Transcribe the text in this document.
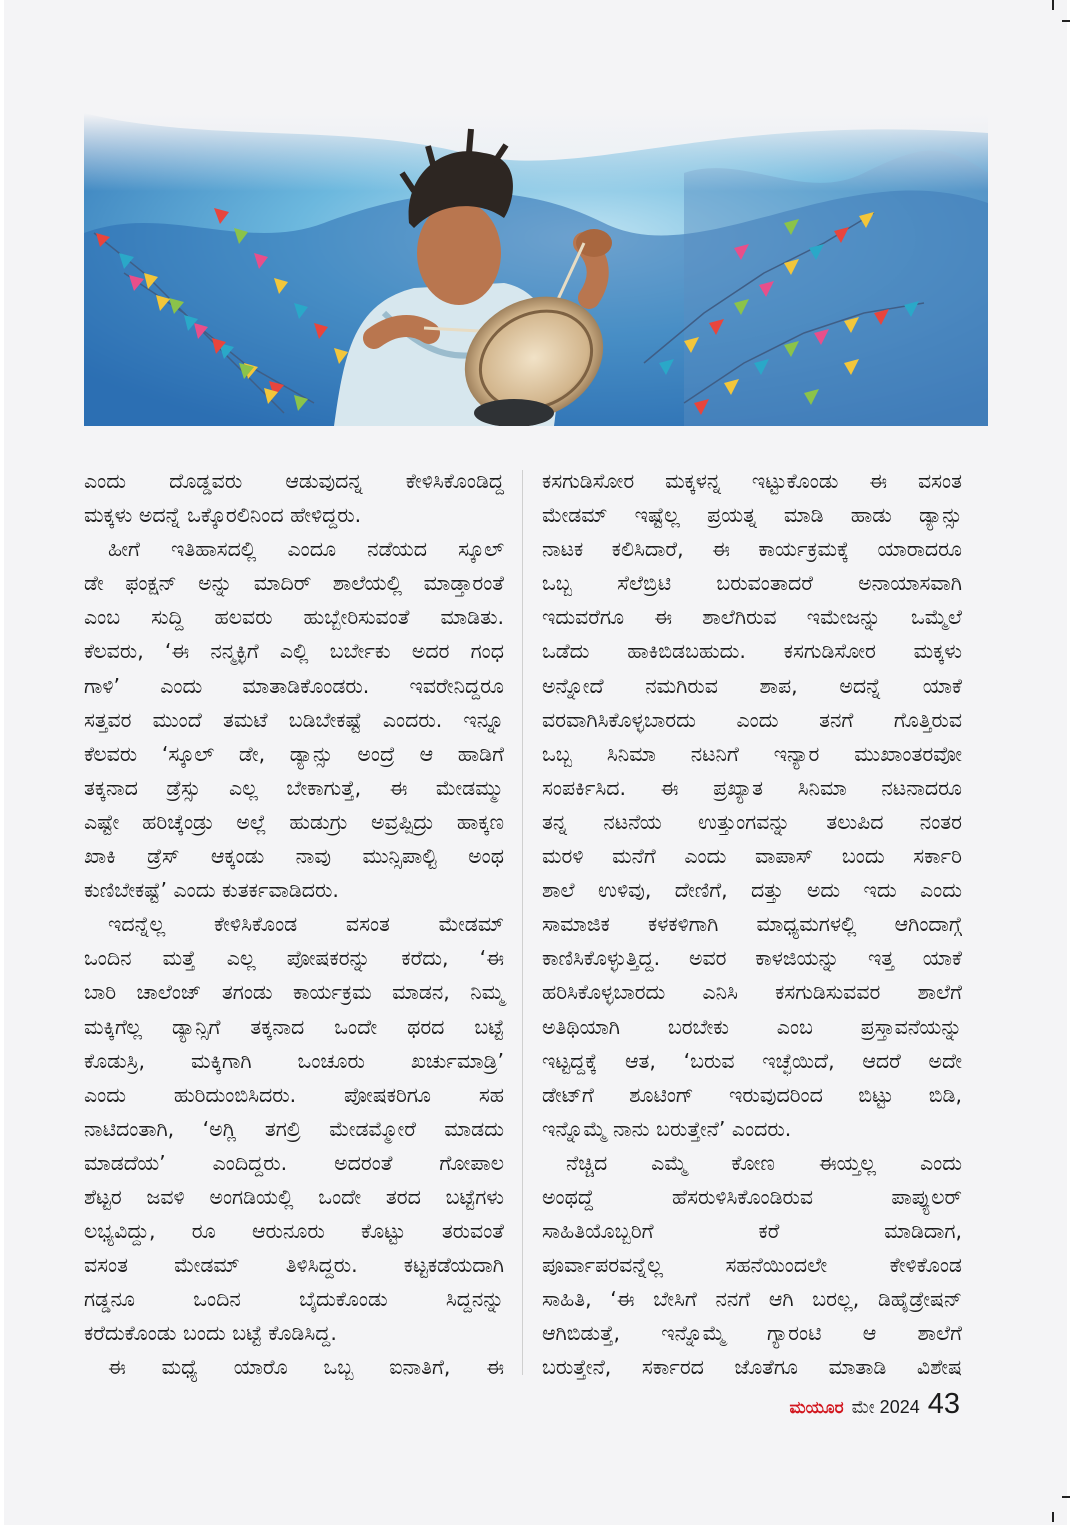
ಎಂದು ದೊಡ್ಡವರು ಆಡುವುದನ್ನ ಕೇಳಿಸಿಕೊಂಡಿದ್ದ

ಮಕ್ಕಳು ಅದನ್ನೆ ಒಕ್ಕೊರಲಿನಿಂದ ಹೇಳಿದ್ದರು.

ಹೀಗೆ ಇತಿಹಾಸದಲ್ಲಿ ಎಂದೂ ನಡೆಯದ ಸ್ಕೂಲ್

ಡೇ ಫಂಕ್ಷನ್ ಅನ್ನು ಮಾದಿರ್ ಶಾಲೆಯಲ್ಲಿ ಮಾಡ್ತಾರಂತೆ

ಎಂಬ ಸುದ್ದಿ ಹಲವರು ಹುಬ್ಬೇರಿಸುವಂತೆ ಮಾಡಿತು.

ಕೆಲವರು, ‘ಈ ನನ್ಮಕ್ಳಿಗೆ ಎಲ್ಲಿ ಬರ್ಬೇಕು ಅದರ ಗಂಧ

ಗಾಳಿ’ ಎಂದು ಮಾತಾಡಿಕೊಂಡರು. ಇವರೇನಿದ್ದರೂ

ಸತ್ತವರ ಮುಂದೆ ತಮಟೆ ಬಡಿಬೇಕಷ್ಟೆ ಎಂದರು. ಇನ್ನೂ

ಕೆಲವರು ‘ಸ್ಕೂಲ್ ಡೇ, ಡ್ಯಾನ್ಸು ಅಂದ್ರೆ ಆ ಹಾಡಿಗೆ

ತಕ್ಕನಾದ ಡ್ರೆಸ್ಸು ಎಲ್ಲ ಬೇಕಾಗುತ್ತೆ, ಈ ಮೇಡಮ್ಮು

ಎಷ್ಟೇ ಹರಿಚ್ಕೆಂಡ್ರು ಅಲ್ಲೆ ಹುಡುಗ್ರು ಅವ್ರಪ್ಪಿದ್ರು ಹಾಕ್ಕಣ

ಖಾಕಿ ಡ್ರೆಸ್ ಆಕ್ಕಂಡು ನಾವು ಮುನ್ಸಿಪಾಲ್ಟಿ ಅಂಥ

ಕುಣಿಬೇಕಷ್ಟೆ’ ಎಂದು ಕುತರ್ಕವಾಡಿದರು.

ಇದನ್ನೆಲ್ಲ ಕೇಳಿಸಿಕೊಂಡ ವಸಂತ ಮೇಡಮ್

ಒಂದಿನ ಮತ್ತೆ ಎಲ್ಲ ಪೋಷಕರನ್ನು ಕರೆದು, ‘ಈ

ಬಾರಿ ಚಾಲೆಂಜ್ ತಗಂಡು ಕಾರ್ಯಕ್ರಮ ಮಾಡನ, ನಿಮ್ಮ

ಮಕ್ಕಿಗೆಲ್ಲ ಡ್ಯಾನ್ಸಿಗೆ ತಕ್ಕನಾದ ಒಂದೇ ಥರದ ಬಟ್ಟೆ

ಕೊಡುಸ್ರಿ, ಮಕ್ಕಿಗಾಗಿ ಒಂಚೂರು ಖರ್ಚುಮಾಡ್ರಿ’

ಎಂದು ಹುರಿದುಂಬಿಸಿದರು. ಪೋಷಕರಿಗೂ ಸಹ

ನಾಟಿದಂತಾಗಿ, ‘ಅಗ್ಲಿ ತಗಲ್ರಿ ಮೇಡಮ್ಮೋರೆ ಮಾಡದು

ಮಾಡದೆಯ’ ಎಂದಿದ್ದರು. ಅದರಂತೆ ಗೋಪಾಲ

ಶೆಟ್ಟರ ಜವಳಿ ಅಂಗಡಿಯಲ್ಲಿ ಒಂದೇ ತರದ ಬಟ್ಟೆಗಳು

ಲಭ್ಯವಿದ್ದು, ರೂ ಆರುನೂರು ಕೊಟ್ಟು ತರುವಂತೆ

ವಸಂತ ಮೇಡಮ್ ತಿಳಿಸಿದ್ದರು. ಕಟ್ಟಕಡೆಯದಾಗಿ

ಗಡ್ಡನೂ ಒಂದಿನ ಬೈದುಕೊಂಡು ಸಿದ್ದನನ್ನು

ಕರೆದುಕೊಂಡು ಬಂದು ಬಟ್ಟೆ ಕೊಡಿಸಿದ್ದ.

ಈ ಮಧ್ಯೆ ಯಾರೊ ಒಬ್ಬ ಐನಾತಿಗೆ, ಈ

ಕಸಗುಡಿಸೋರ ಮಕ್ಕಳನ್ನ ಇಟ್ಟುಕೊಂಡು ಈ ವಸಂತ

ಮೇಡಮ್ ಇಷ್ಟೆಲ್ಲ ಪ್ರಯತ್ನ ಮಾಡಿ ಹಾಡು ಡ್ಯಾನ್ಸು

ನಾಟಕ ಕಲಿಸಿದಾರೆ, ಈ ಕಾರ್ಯಕ್ರಮಕ್ಕೆ ಯಾರಾದರೂ

ಒಬ್ಬ ಸೆಲೆಬ್ರಿಟಿ ಬರುವಂತಾದರೆ ಅನಾಯಾಸವಾಗಿ

ಇದುವರೆಗೂ ಈ ಶಾಲೆಗಿರುವ ಇಮೇಜನ್ನು ಒಮ್ಮೆಲೆ

ಒಡೆದು ಹಾಕಿಬಿಡಬಹುದು. ಕಸಗುಡಿಸೋರ ಮಕ್ಕಳು

ಅನ್ನೋದೆ ನಮಗಿರುವ ಶಾಪ, ಅದನ್ನೆ ಯಾಕೆ

ವರವಾಗಿಸಿಕೊಳ್ಳಬಾರದು ಎಂದು ತನಗೆ ಗೊತ್ತಿರುವ

ಒಬ್ಬ ಸಿನಿಮಾ ನಟನಿಗೆ ಇನ್ಯಾರ ಮುಖಾಂತರವೋ

ಸಂಪರ್ಕಿಸಿದ. ಈ ಪ್ರಖ್ಯಾತ ಸಿನಿಮಾ ನಟನಾದರೂ

ತನ್ನ ನಟನೆಯ ಉತ್ತುಂಗವನ್ನು ತಲುಪಿದ ನಂತರ

ಮರಳಿ ಮನೆಗೆ ಎಂದು ವಾಪಾಸ್ ಬಂದು ಸರ್ಕಾರಿ

ಶಾಲೆ ಉಳಿವು, ದೇಣಿಗೆ, ದತ್ತು ಅದು ಇದು ಎಂದು

ಸಾಮಾಜಿಕ ಕಳಕಳಿಗಾಗಿ ಮಾಧ್ಯಮಗಳಲ್ಲಿ ಆಗಿಂದಾಗ್ಗೆ

ಕಾಣಿಸಿಕೊಳ್ಳುತ್ತಿದ್ದ. ಅವರ ಕಾಳಜಿಯನ್ನು ಇತ್ತ ಯಾಕೆ

ಹರಿಸಿಕೊಳ್ಳಬಾರದು ಎನಿಸಿ ಕಸಗುಡಿಸುವವರ ಶಾಲೆಗೆ

ಅತಿಥಿಯಾಗಿ ಬರಬೇಕು ಎಂಬ ಪ್ರಸ್ತಾವನೆಯನ್ನು

ಇಟ್ಟದ್ದಕ್ಕೆ ಆತ, ‘ಬರುವ ಇಚ್ಛೆಯಿದೆ, ಆದರೆ ಅದೇ

ಡೇಟ್‌ಗೆ ಶೂಟಿಂಗ್ ಇರುವುದರಿಂದ ಬಿಟ್ಟು ಬಿಡಿ,

ಇನ್ನೊಮ್ಮೆ ನಾನು ಬರುತ್ತೇನೆ’ ಎಂದರು.

ನೆಚ್ಚಿದ ಎಮ್ಮೆ ಕೋಣ ಈಯ್ತಲ್ಲ ಎಂದು

ಅಂಥದ್ದೆ ಹೆಸರುಳಿಸಿಕೊಂಡಿರುವ ಪಾಪ್ಯುಲರ್

ಸಾಹಿತಿಯೊಬ್ಬರಿಗೆ ಕರೆ ಮಾಡಿದಾಗ,

ಪೂರ್ವಾಪರವನ್ನೆಲ್ಲ ಸಹನೆಯಿಂದಲೇ ಕೇಳಿಕೊಂಡ

ಸಾಹಿತಿ, ‘ಈ ಬೇಸಿಗೆ ನನಗೆ ಆಗಿ ಬರಲ್ಲ, ಡಿಹೈಡ್ರೇಷನ್

ಆಗಿಬಿಡುತ್ತೆ, ಇನ್ನೊಮ್ಮೆ ಗ್ಯಾರಂಟಿ ಆ ಶಾಲೆಗೆ

ಬರುತ್ತೇನೆ, ಸರ್ಕಾರದ ಜೊತೆಗೂ ಮಾತಾಡಿ ವಿಶೇಷ

ಮಯೂರ ಮೇ 2024 43
